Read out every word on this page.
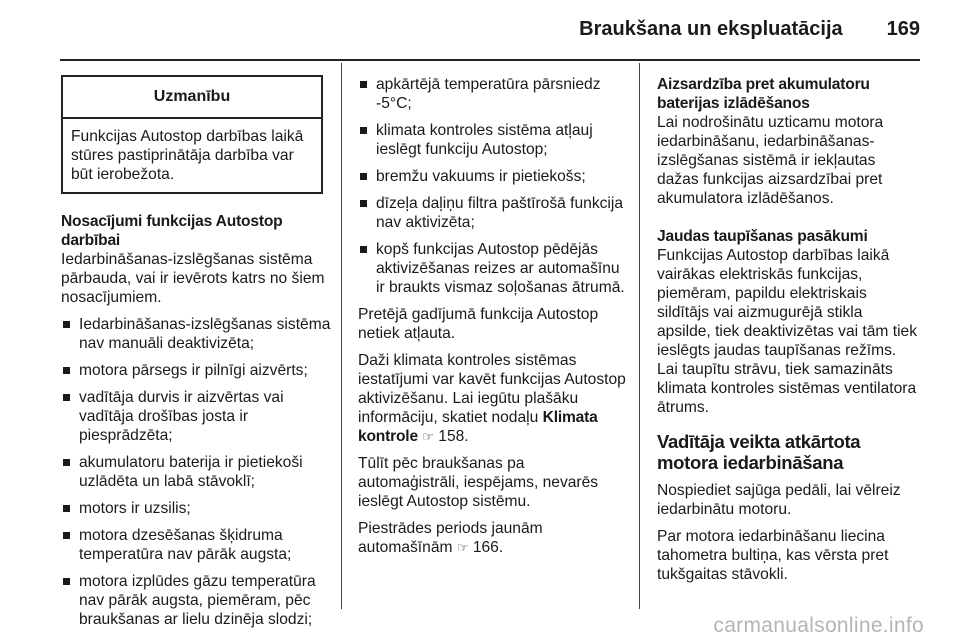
Braukšana un ekspluatācija 169
Uzmanību
Funkcijas Autostop darbības laikā stūres pastiprinātāja darbība var būt ierobežota.

Nosacījumi funkcijas Autostop darbībai

Iedarbināšanas-izslēgšanas sistēma pārbauda, vai ir ievērots katrs no šiem nosacījumiem.

Iedarbināšanas-izslēgšanas sistēma nav manuāli deaktivizēta;
motora pārsegs ir pilnīgi aizvērts;
vadītāja durvis ir aizvērtas vai vadītāja drošības josta ir piesprādzēta;
akumulatoru baterija ir pietiekoši uzlādēta un labā stāvoklī;
motors ir uzsilis;
motora dzesēšanas šķidruma temperatūra nav pārāk augsta;
motora izplūdes gāzu temperatūra nav pārāk augsta, piemēram, pēc braukšanas ar lielu dzinēja slodzi;
apkārtējā temperatūra pārsniedz -5°C;
klimata kontroles sistēma atļauj ieslēgt funkciju Autostop;
bremžu vakuums ir pietiekošs;
dīzeļa daļiņu filtra paštīrošā funkcija nav aktivizēta;
kopš funkcijas Autostop pēdējās aktivizēšanas reizes ar automašīnu ir braukts vismaz soļošanas ātrumā.

Pretējā gadījumā funkcija Autostop netiek atļauta.

Daži klimata kontroles sistēmas iestatījumi var kavēt funkcijas Autostop aktivizēšanu. Lai iegūtu plašāku informāciju, skatiet nodaļu Klimata kontrole ☞ 158.

Tūlīt pēc braukšanas pa automaģistrāli, iespējams, nevarēs ieslēgt Autostop sistēmu.

Piestrādes periods jaunām automašīnām ☞ 166.

Aizsardzība pret akumulatoru baterijas izlādēšanos

Lai nodrošinātu uzticamu motora iedarbināšanu, iedarbināšanas-izslēgšanas sistēmā ir iekļautas dažas funkcijas aizsardzībai pret akumulatora izlādēšanos.

Jaudas taupīšanas pasākumi

Funkcijas Autostop darbības laikā vairākas elektriskās funkcijas, piemēram, papildu elektriskais sildītājs vai aizmugurējā stikla apsilde, tiek deaktivizētas vai tām tiek ieslēgts jaudas taupīšanas režīms. Lai taupītu strāvu, tiek samazināts klimata kontroles sistēmas ventilatora ātrums.

Vadītāja veikta atkārtota motora iedarbināšana

Nospiediet sajūga pedāli, lai vēlreiz iedarbinātu motoru.

Par motora iedarbināšanu liecina tahometra bultiņa, kas vērsta pret tukšgaitas stāvokli.

carmanualsonline.info
